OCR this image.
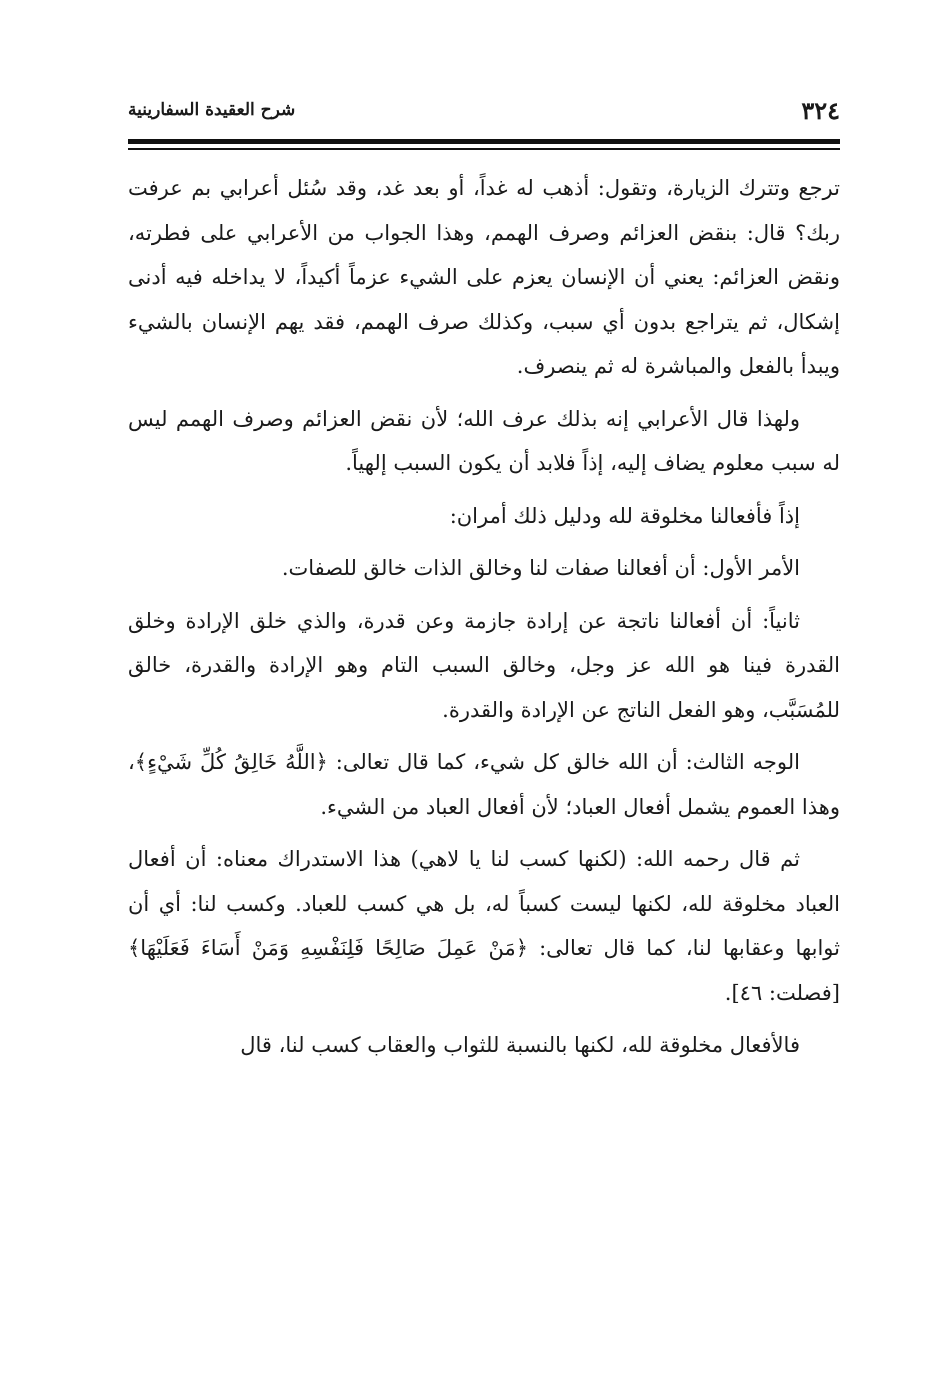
٣٢٤
شرح العقيدة السفارينية

ترجع وتترك الزيارة، وتقول: أذهب له غداً، أو بعد غد، وقد سُئل أعرابي بم عرفت ربك؟ قال: بنقض العزائم وصرف الهمم، وهذا الجواب من الأعرابي على فطرته، ونقض العزائم: يعني أن الإنسان يعزم على الشيء عزماً أكيداً، لا يداخله فيه أدنى إشكال، ثم يتراجع بدون أي سبب، وكذلك صرف الهمم، فقد يهم الإنسان بالشيء ويبدأ بالفعل والمباشرة له ثم ينصرف.

ولهذا قال الأعرابي إنه بذلك عرف الله؛ لأن نقض العزائم وصرف الهمم ليس له سبب معلوم يضاف إليه، إذاً فلابد أن يكون السبب إلهياً.

إذاً فأفعالنا مخلوقة لله ودليل ذلك أمران:

الأمر الأول: أن أفعالنا صفات لنا وخالق الذات خالق للصفات.

ثانياً: أن أفعالنا ناتجة عن إرادة جازمة وعن قدرة، والذي خلق الإرادة وخلق القدرة فينا هو الله عز وجل، وخالق السبب التام وهو الإرادة والقدرة، خالق للمُسَبَّب، وهو الفعل الناتج عن الإرادة والقدرة.

الوجه الثالث: أن الله خالق كل شيء، كما قال تعالى: ﴿اللَّهُ خَالِقُ كُلِّ شَيْءٍ﴾، وهذا العموم يشمل أفعال العباد؛ لأن أفعال العباد من الشيء.

ثم قال رحمه الله: (لكنها كسب لنا يا لاهي) هذا الاستدراك معناه: أن أفعال العباد مخلوقة لله، لكنها ليست كسباً له، بل هي كسب للعباد. وكسب لنا: أي أن ثوابها وعقابها لنا، كما قال تعالى: ﴿مَنْ عَمِلَ صَالِحًا فَلِنَفْسِهِ وَمَنْ أَسَاءَ فَعَلَيْهَا﴾ [فصلت: ٤٦].

فالأفعال مخلوقة لله، لكنها بالنسبة للثواب والعقاب كسب لنا، قال
